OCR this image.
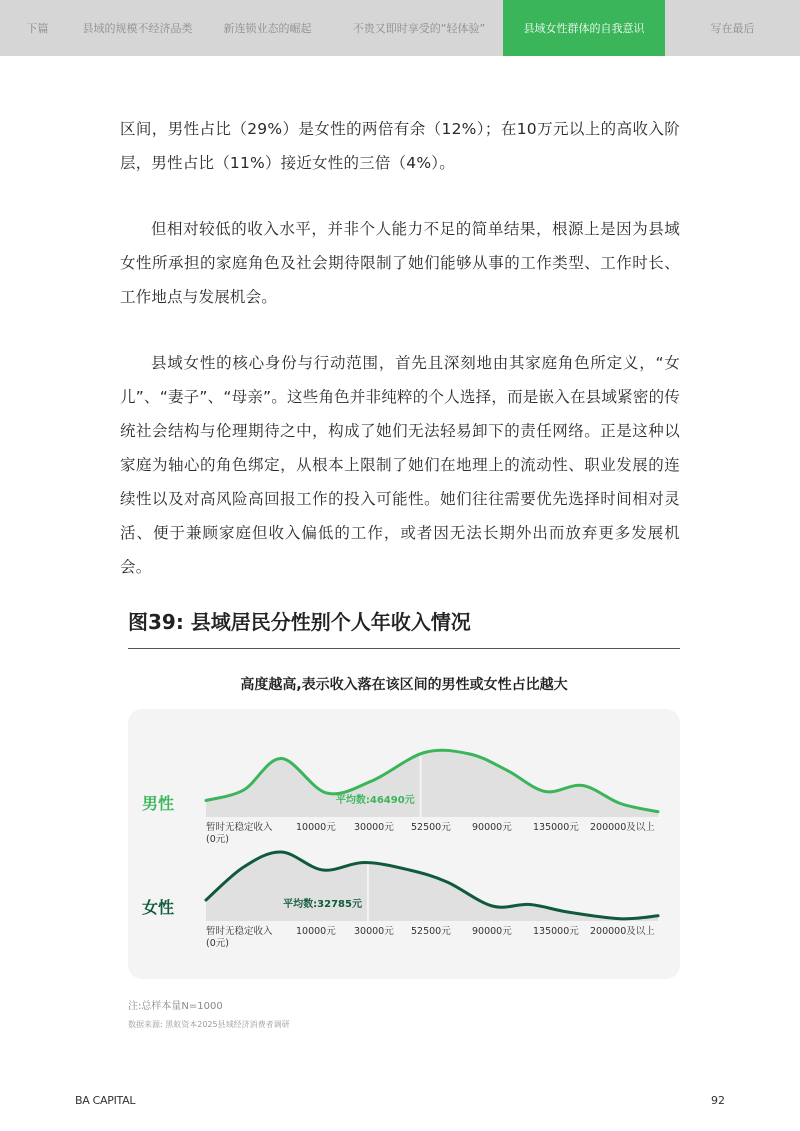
下篇	县域的规模不经济品类	新连锁业态的崛起	不贵又即时享受的“轻体验”	县域女性群体的自我意识	写在最后

区间，男性占比（29%）是女性的两倍有余（12%）；在10万元以上的高收入阶层，男性占比（11%）接近女性的三倍（4%）。

但相对较低的收入水平，并非个人能力不足的简单结果，根源上是因为县域女性所承担的家庭角色及社会期待限制了她们能够从事的工作类型、工作时长、工作地点与发展机会。

县域女性的核心身份与行动范围，首先且深刻地由其家庭角色所定义，“女儿”、“妻子”、“母亲”。这些角色并非纯粹的个人选择，而是嵌入在县域紧密的传统社会结构与伦理期待之中，构成了她们无法轻易卸下的责任网络。正是这种以家庭为轴心的角色绑定，从根本上限制了她们在地理上的流动性、职业发展的连续性以及对高风险高回报工作的投入可能性。她们往往需要优先选择时间相对灵活、便于兼顾家庭但收入偏低的工作，或者因无法长期外出而放弃更多发展机会。

图39: 县域居民分性别个人年收入情况
高度越高,表示收入落在该区间的男性或女性占比越大
平均数:46490元
男性
暂时无稳定收入
(0元)
10000元 30000元 52500元 90000元 135000元 200000及以上
平均数:32785元
女性
暂时无稳定收入
(0元)
10000元 30000元 52500元 90000元 135000元 200000及以上
注:总样本量N=1000
数据来源: 黑蚁资本2025县域经济消费者调研
BA CAPITAL	92
